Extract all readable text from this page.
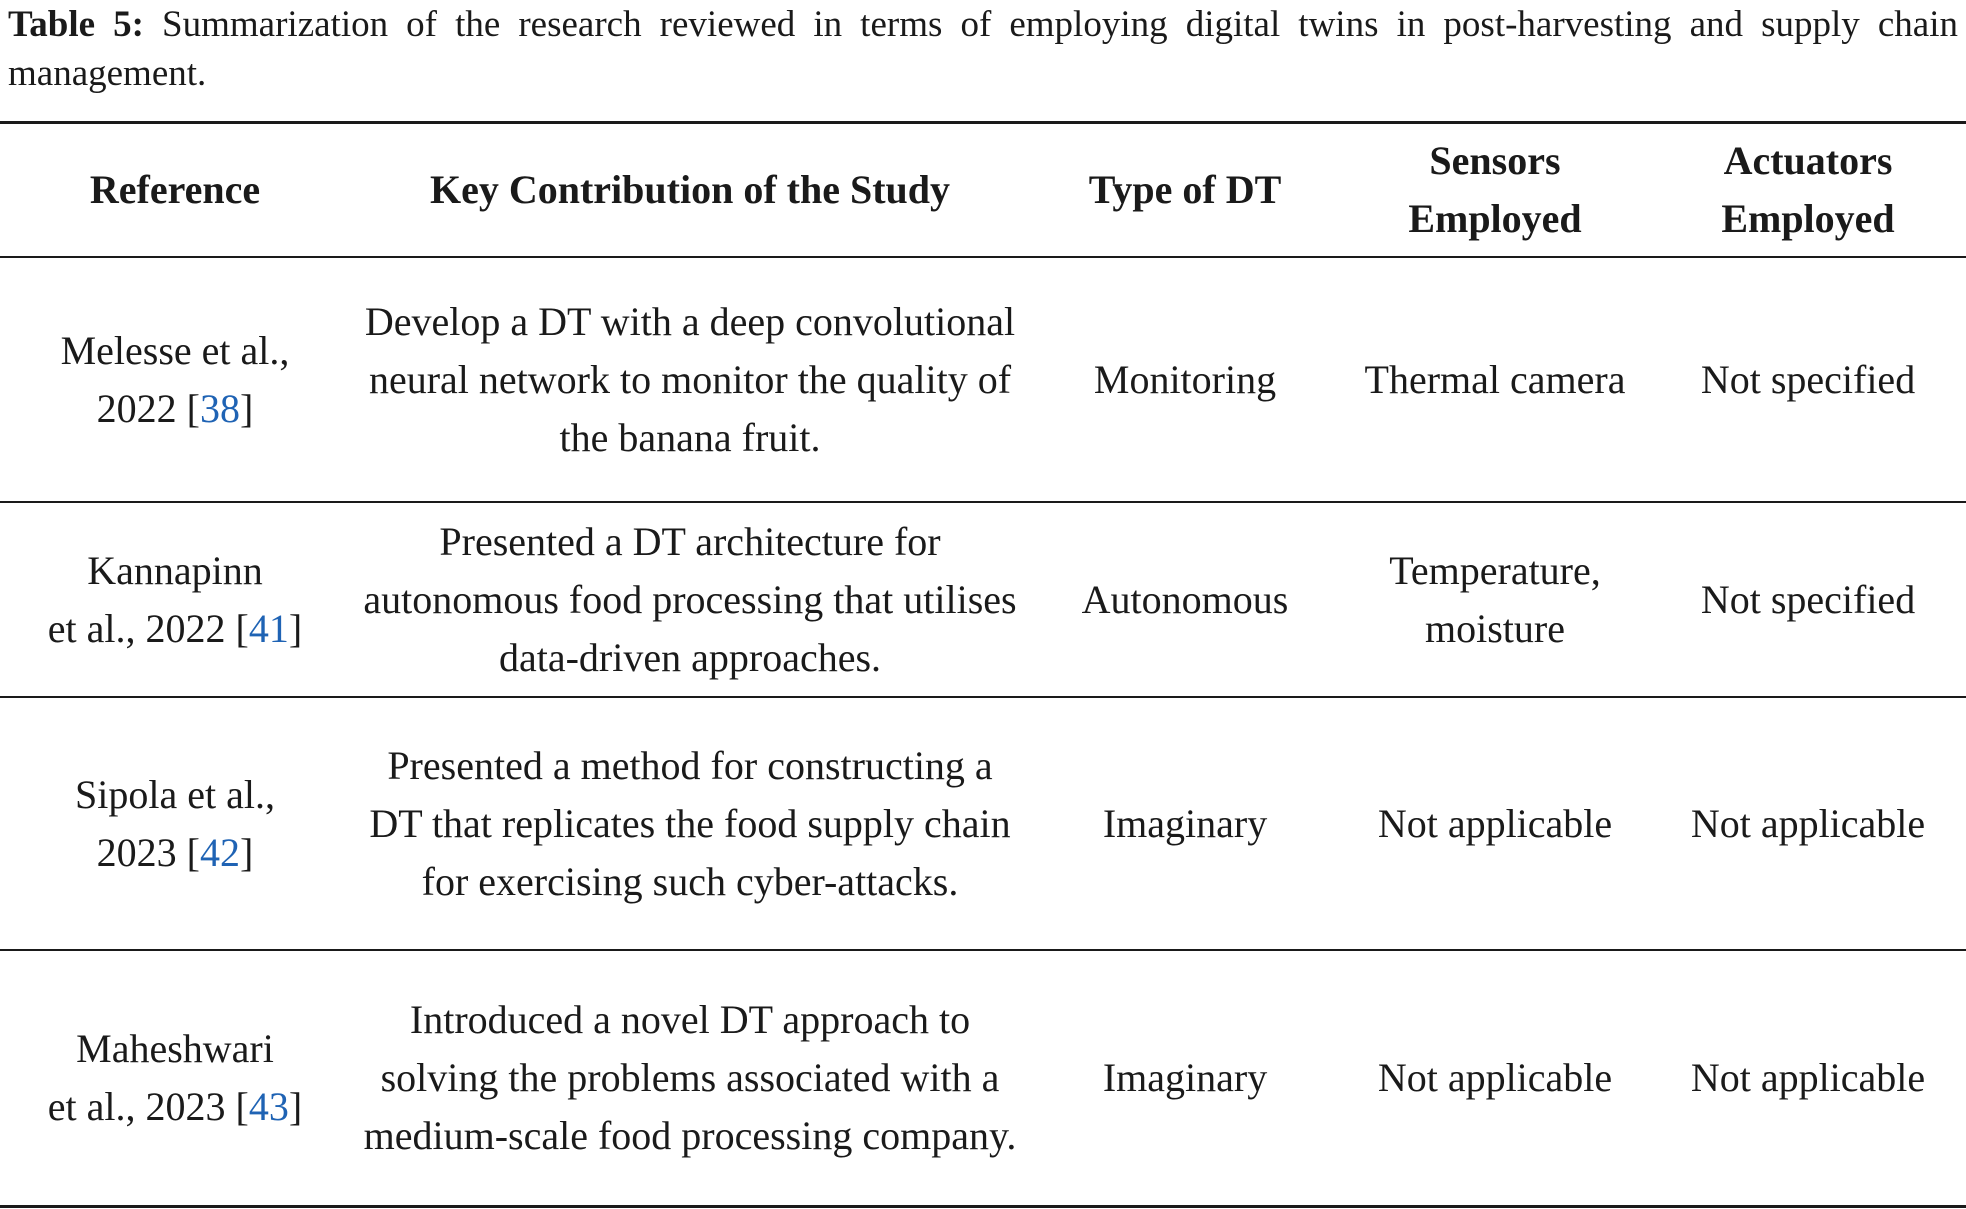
Table 5: Summarization of the research reviewed in terms of employing digital twins in post-harvesting and supply chain management.
Reference	Key Contribution of the Study	Type of DT	Sensors Employed	Actuators Employed

Melesse et al.,
2022 [38]	Develop a DT with a deep convolutional neural network to monitor the quality of the banana fruit.	Monitoring	Thermal camera	Not specified

Kannapinn
et al., 2022 [41]	Presented a DT architecture for autonomous food processing that utilises data-driven approaches.	Autonomous	Temperature, moisture	Not specified

Sipola et al.,
2023 [42]	Presented a method for constructing a DT that replicates the food supply chain for exercising such cyber-attacks.	Imaginary	Not applicable	Not applicable

Maheshwari
et al., 2023 [43]	Introduced a novel DT approach to solving the problems associated with a medium-scale food processing company.	Imaginary	Not applicable	Not applicable
